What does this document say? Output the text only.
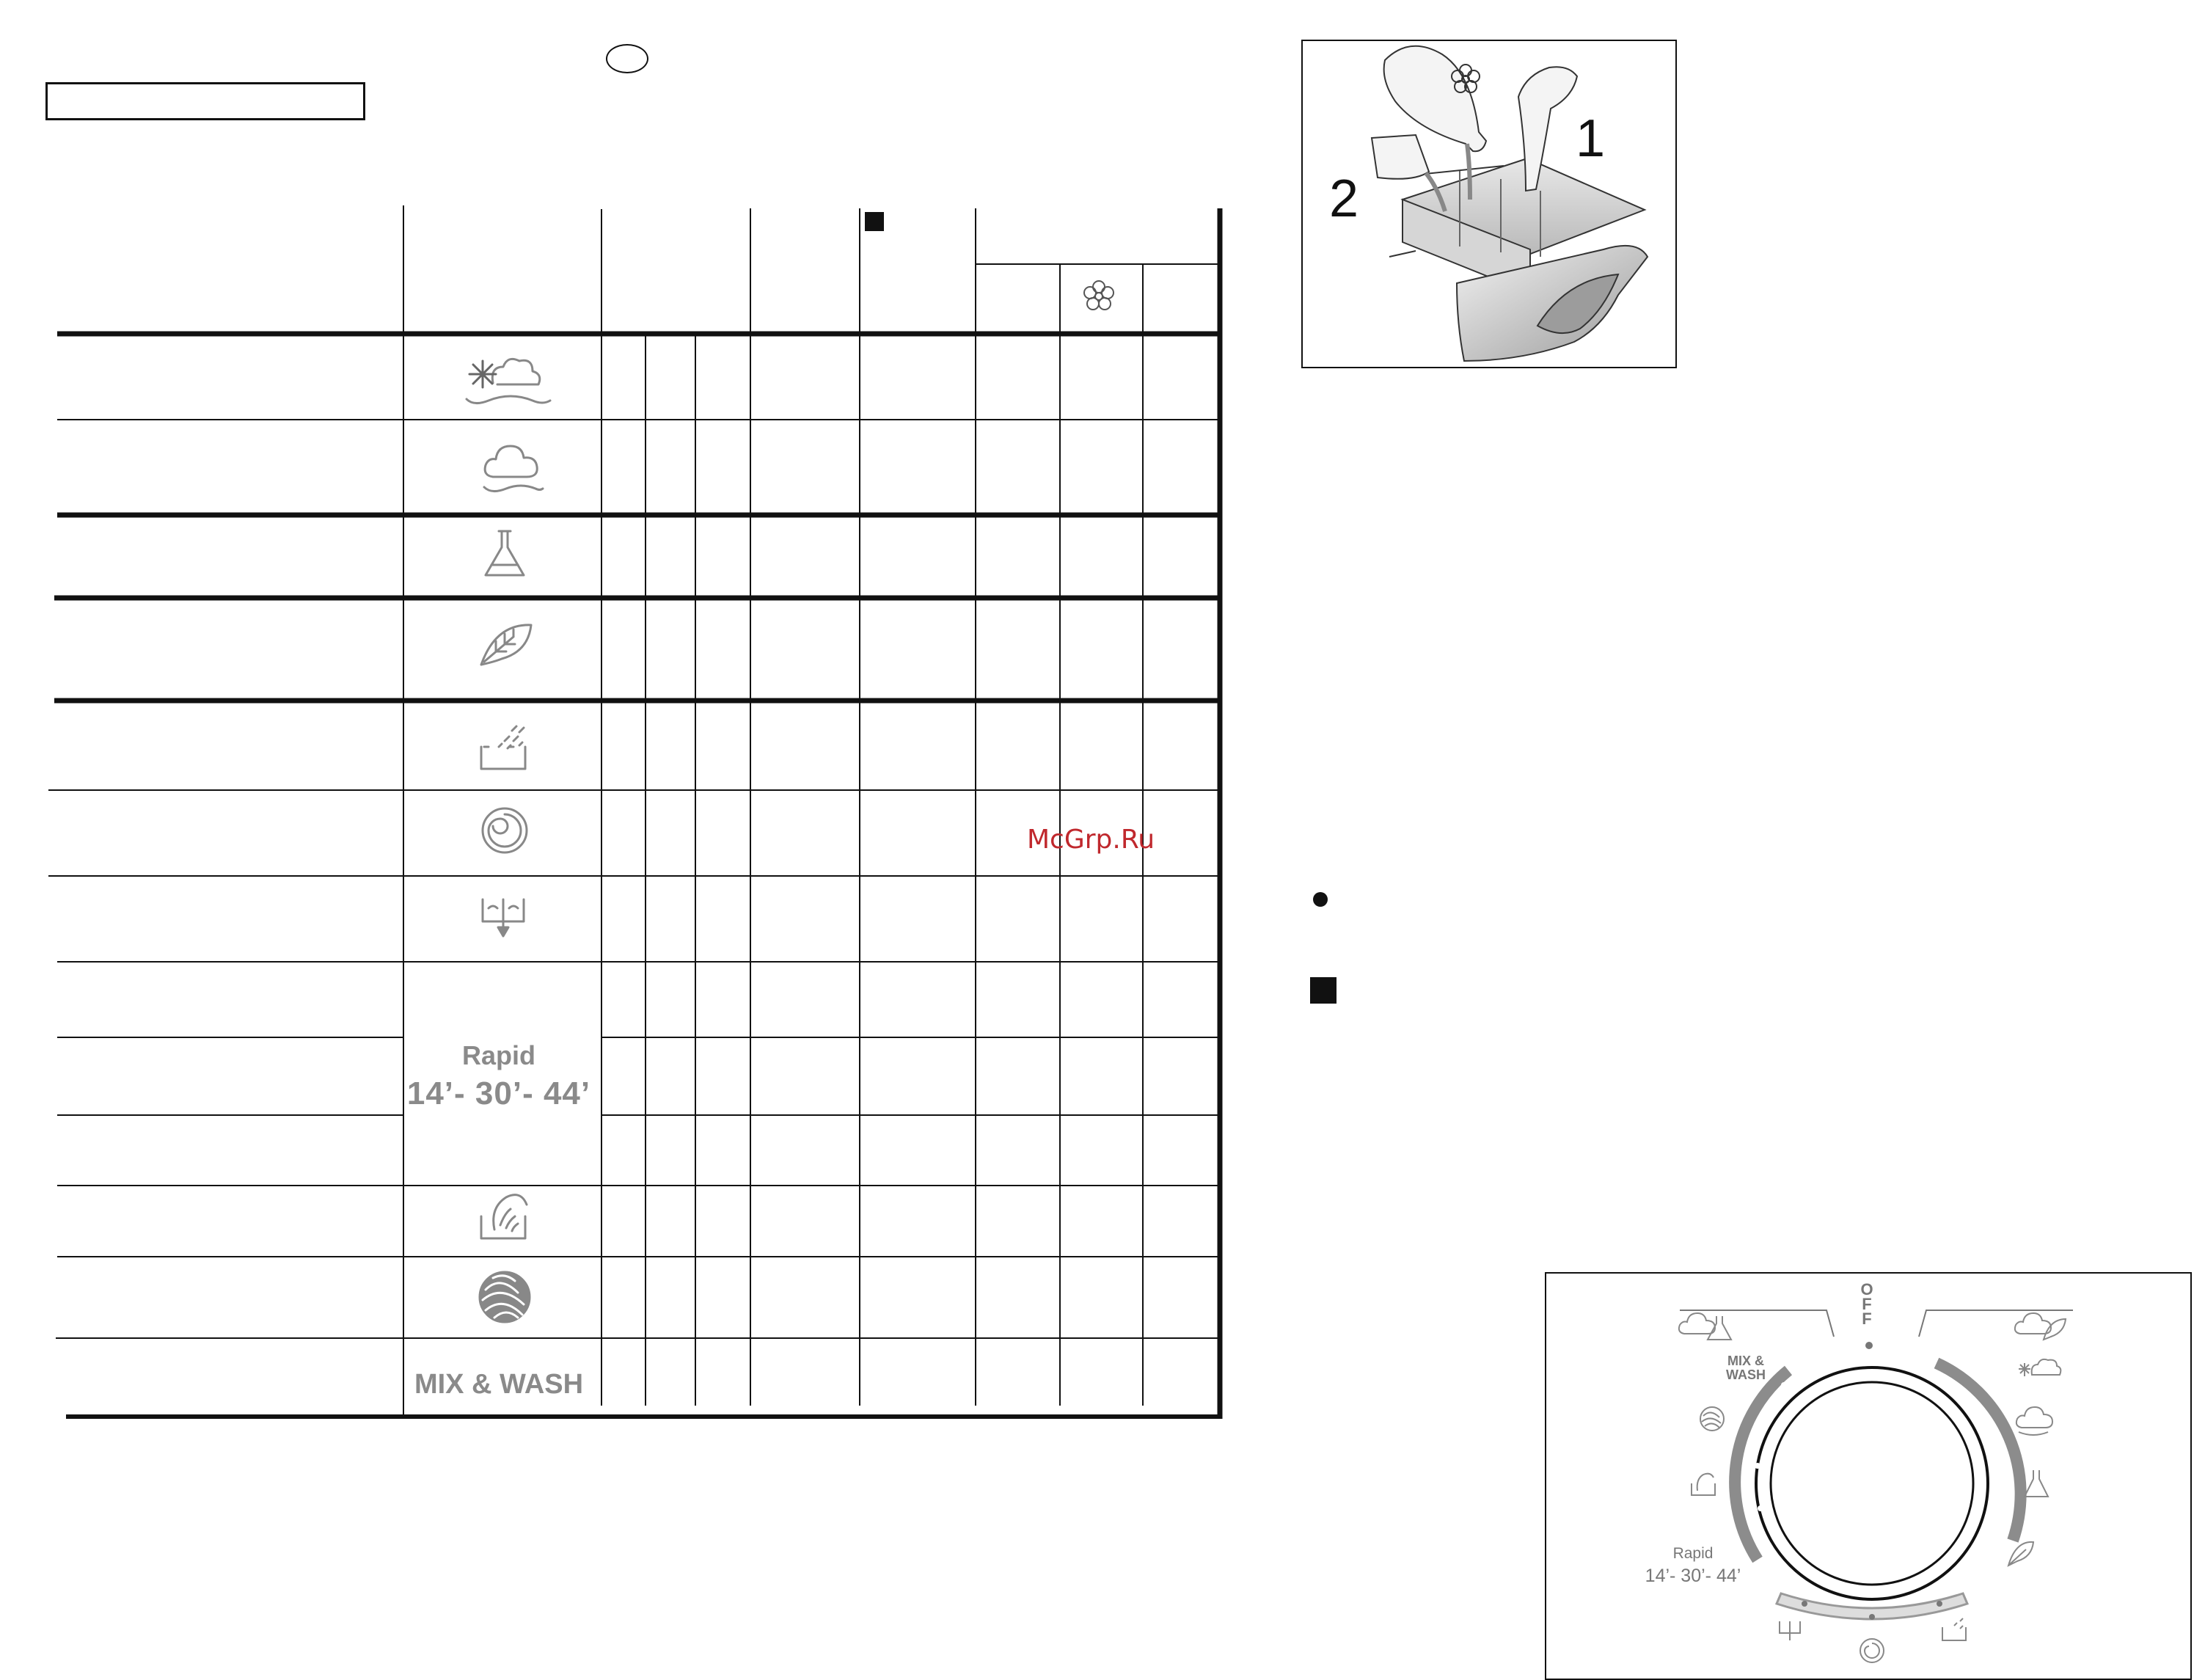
Rapid
14’- 30’- 44’
MIX & WASH
McGrp.Ru
1
2
OFF
MIX & WASH
Rapid
14’- 30’- 44’
